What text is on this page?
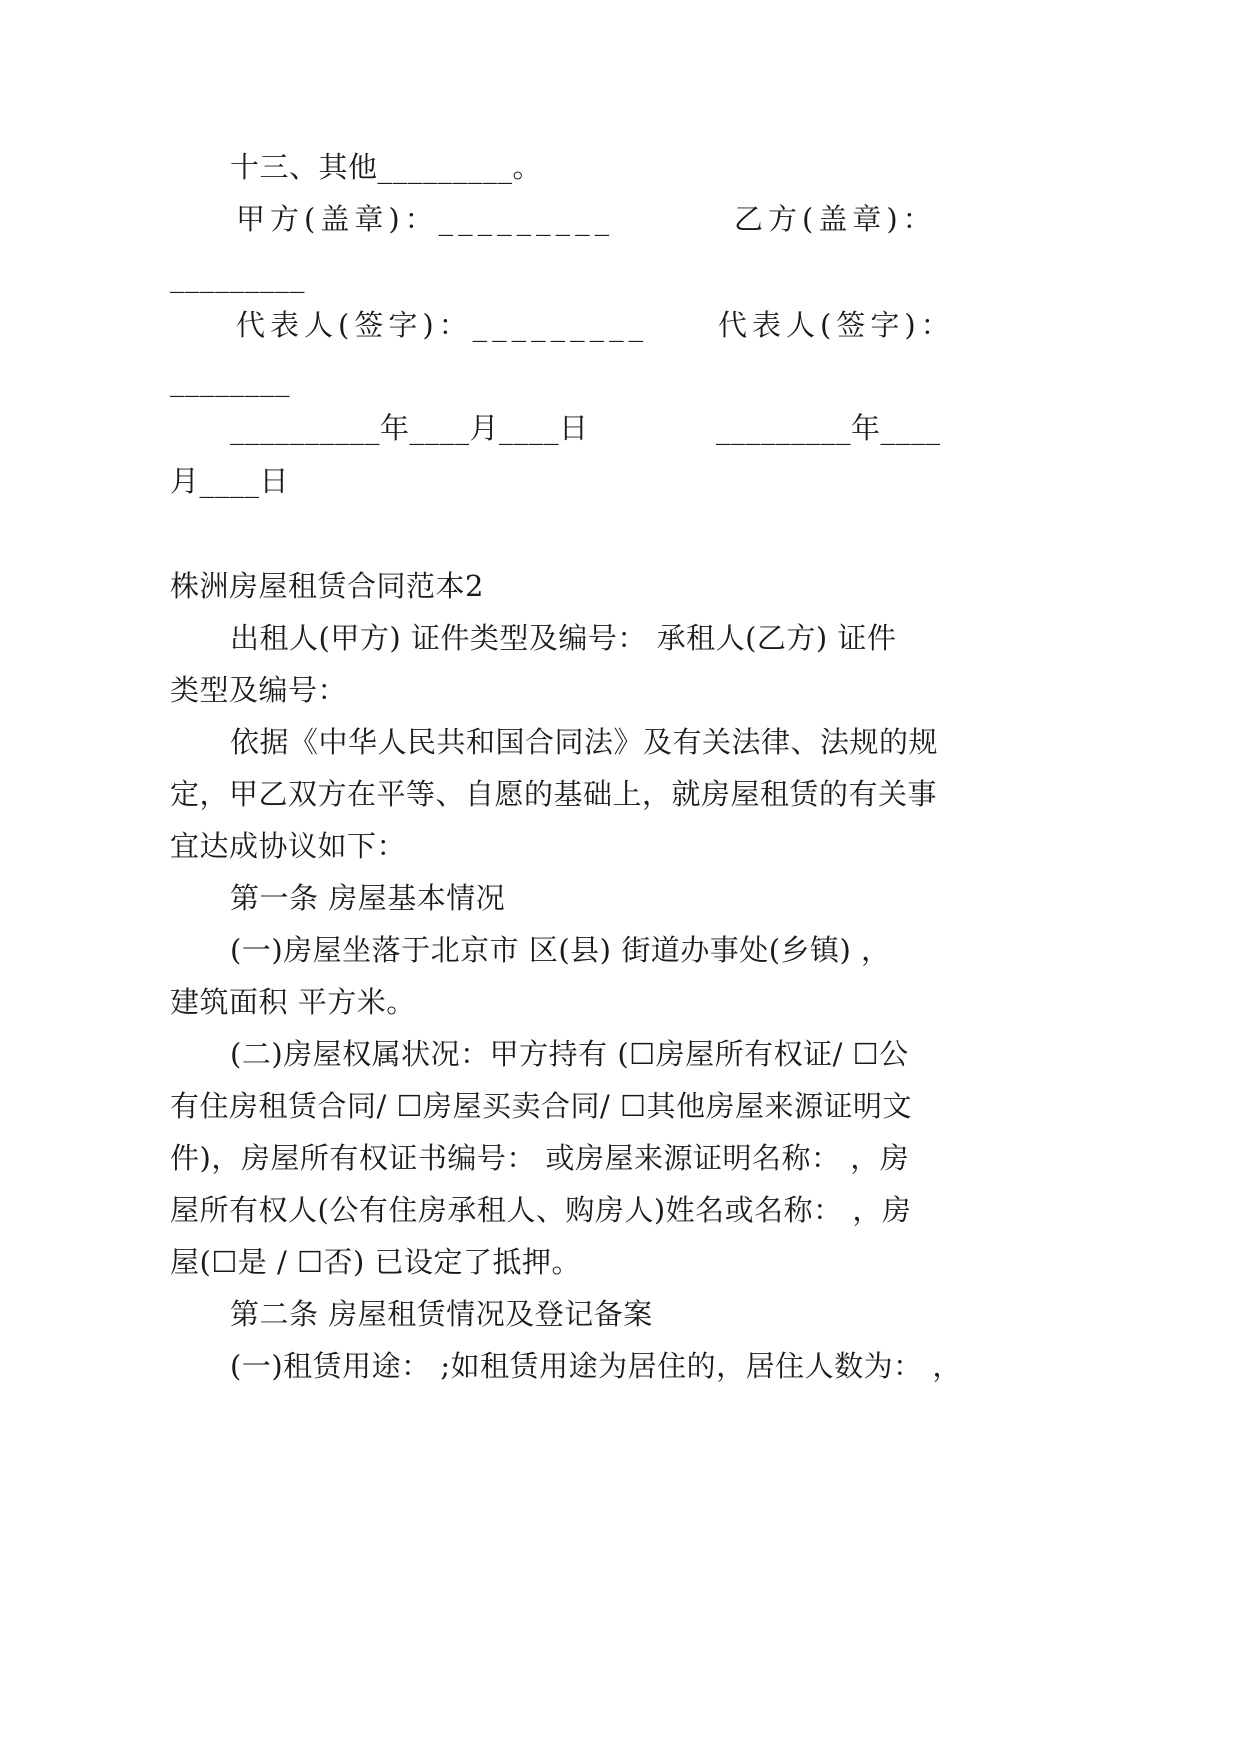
十三、其他_________。
甲方(盖章)：_________	乙方(盖章)：
_________
代表人(签字)：_________ 代表人(签字)：
________
__________年____月____日	_________年____
月____日
株洲房屋租赁合同范本2
出租人(甲方) 证件类型及编号： 承租人(乙方) 证件
类型及编号：
依据《中华人民共和国合同法》及有关法律、法规的规
定，甲乙双方在平等、自愿的基础上，就房屋租赁的有关事
宜达成协议如下：
第一条 房屋基本情况
(一)房屋坐落于北京市 区(县) 街道办事处(乡镇) ，
建筑面积 平方米。
(二)房屋权属状况：甲方持有 (☐房屋所有权证/ ☐公
有住房租赁合同/ ☐房屋买卖合同/ ☐其他房屋来源证明文
件)，房屋所有权证书编号： 或房屋来源证明名称： ，房
屋所有权人(公有住房承租人、购房人)姓名或名称： ，房
屋(☐是 / ☐否) 已设定了抵押。
第二条 房屋租赁情况及登记备案
(一)租赁用途： ;如租赁用途为居住的，居住人数为： ，
